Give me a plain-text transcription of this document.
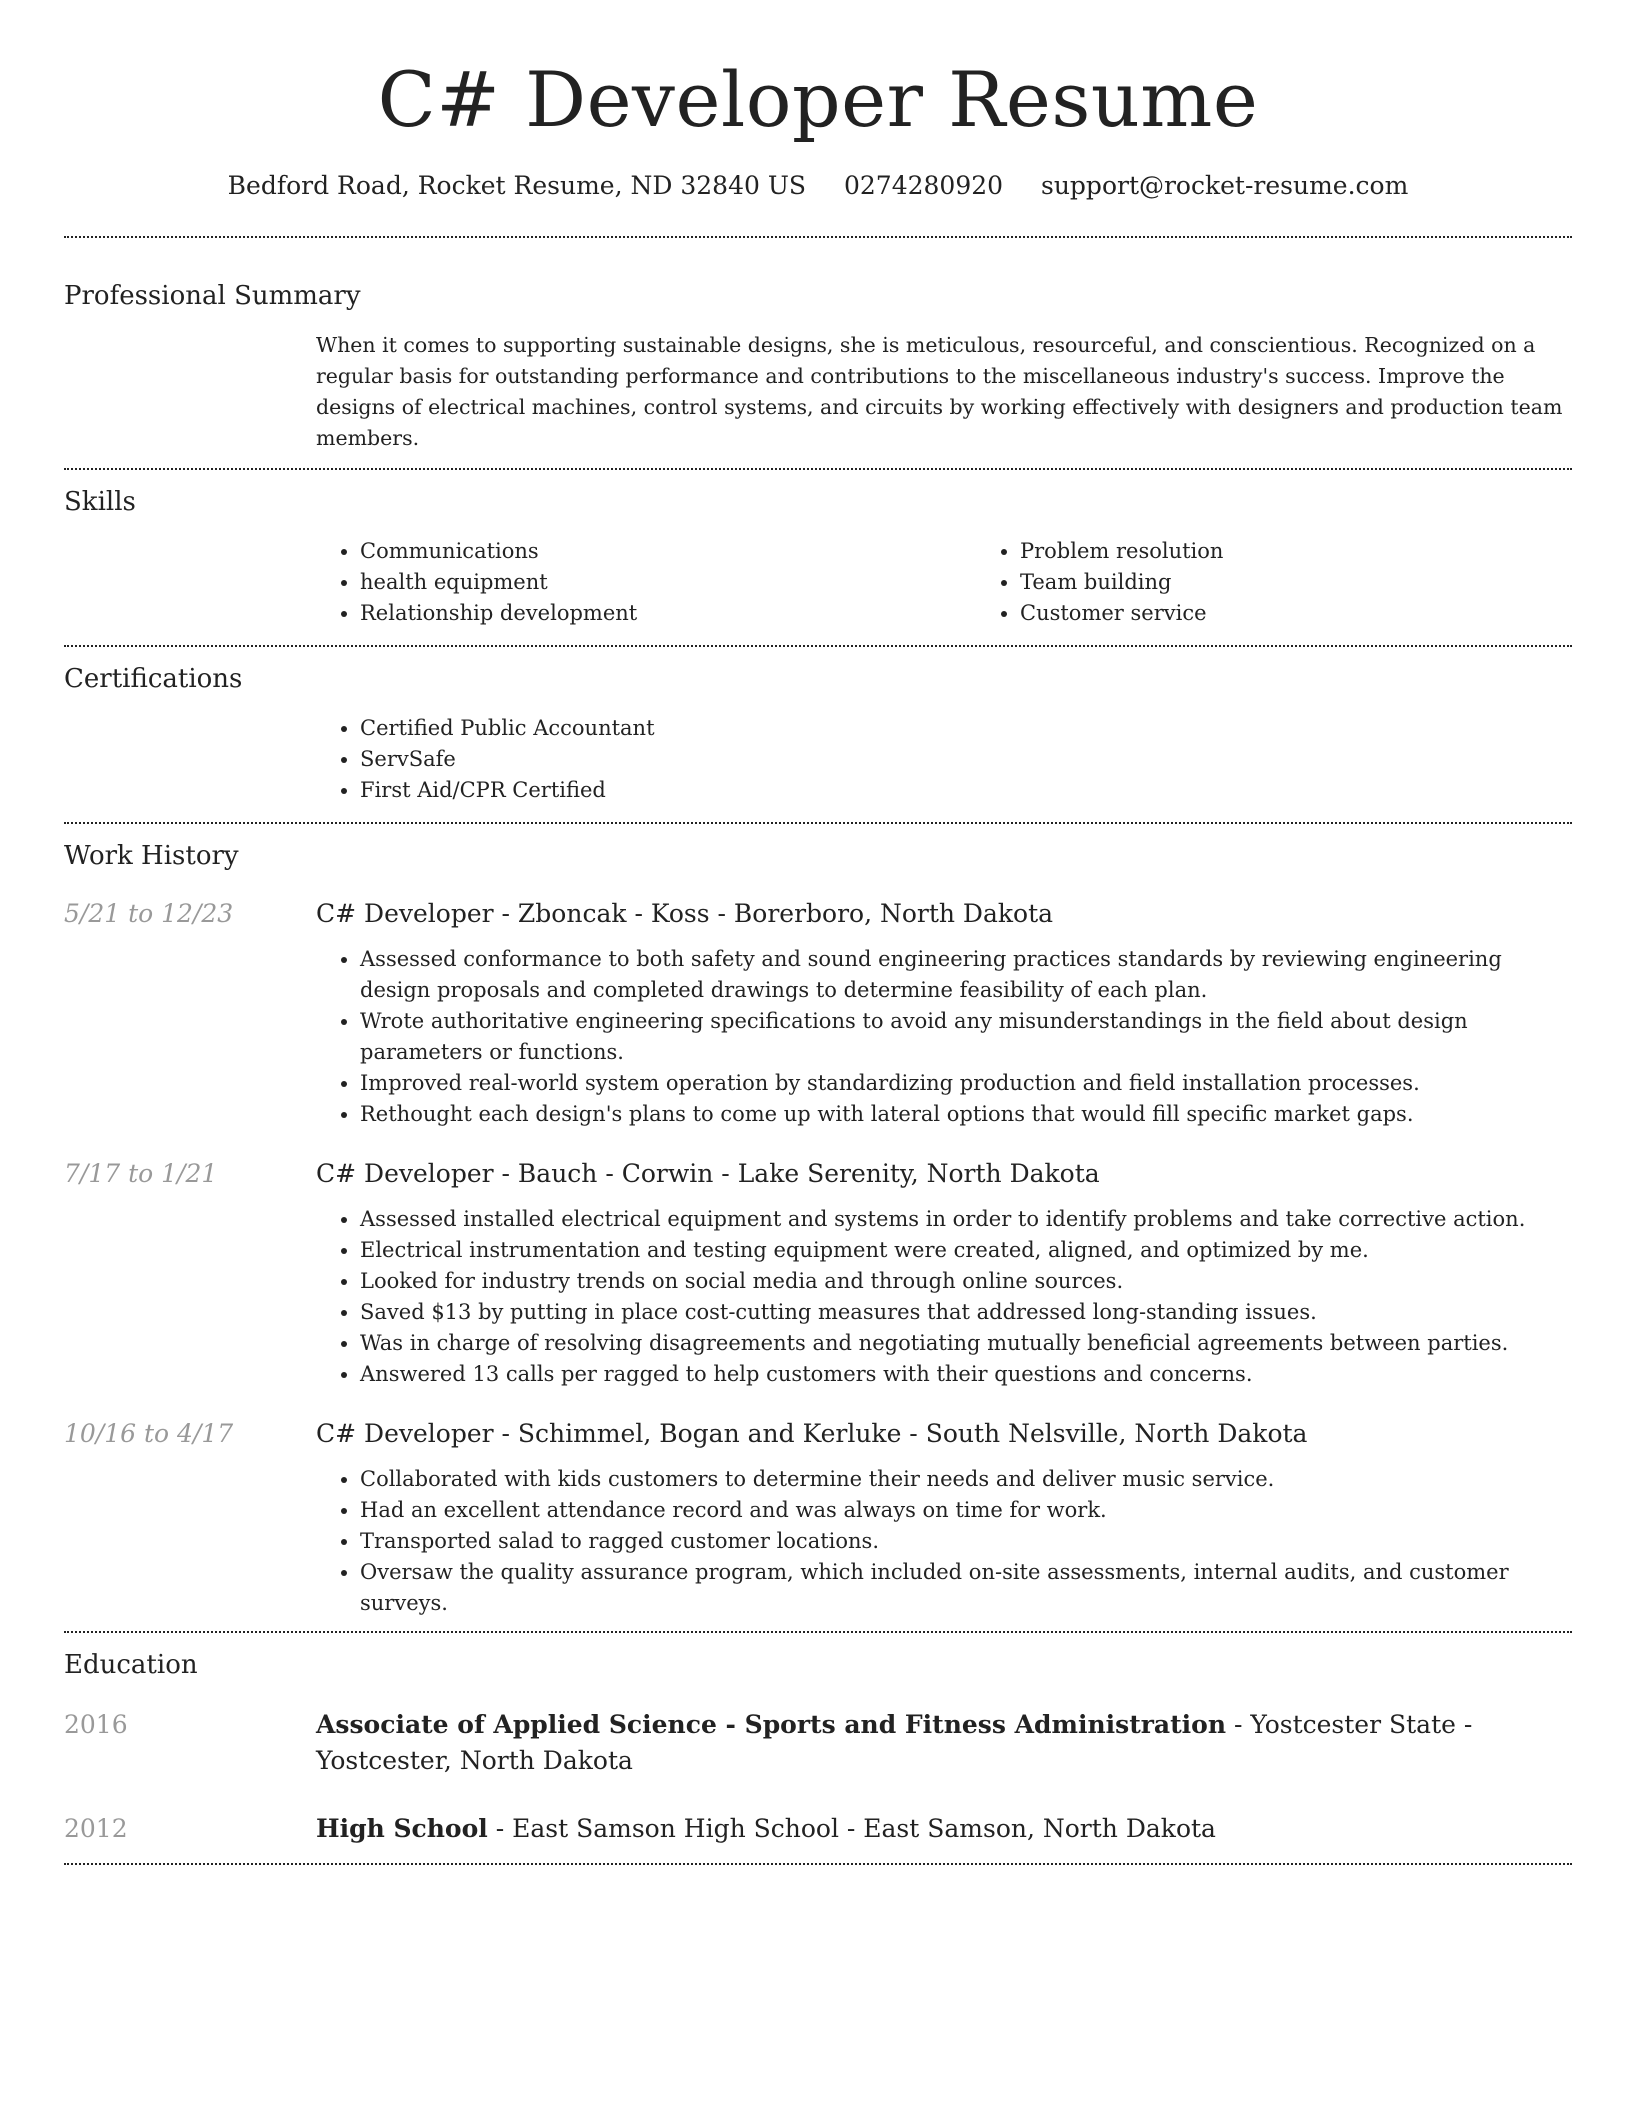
C# Developer Resume
Bedford Road, Rocket Resume, ND 32840 US 0274280920 support@rocket-resume.com
Professional Summary

When it comes to supporting sustainable designs, she is meticulous, resourceful, and conscientious. Recognized on a regular basis for outstanding performance and contributions to the miscellaneous industry's success. Improve the designs of electrical machines, control systems, and circuits by working effectively with designers and production team members.

Skills
• Communications
• health equipment
• Relationship development
• Problem resolution
• Team building
• Customer service
Certifications
• Certified Public Accountant
• ServSafe
• First Aid/CPR Certified
Work History
5/21 to 12/23	C# Developer - Zboncak - Koss - Borerboro, North Dakota
• Assessed conformance to both safety and sound engineering practices standards by reviewing engineering design proposals and completed drawings to determine feasibility of each plan.
• Wrote authoritative engineering specifications to avoid any misunderstandings in the field about design parameters or functions.
• Improved real-world system operation by standardizing production and field installation processes.
• Rethought each design's plans to come up with lateral options that would fill specific market gaps.
7/17 to 1/21	C# Developer - Bauch - Corwin - Lake Serenity, North Dakota
• Assessed installed electrical equipment and systems in order to identify problems and take corrective action.
• Electrical instrumentation and testing equipment were created, aligned, and optimized by me.
• Looked for industry trends on social media and through online sources.
• Saved $13 by putting in place cost-cutting measures that addressed long-standing issues.
• Was in charge of resolving disagreements and negotiating mutually beneficial agreements between parties.
• Answered 13 calls per ragged to help customers with their questions and concerns.
10/16 to 4/17	C# Developer - Schimmel, Bogan and Kerluke - South Nelsville, North Dakota
• Collaborated with kids customers to determine their needs and deliver music service.
• Had an excellent attendance record and was always on time for work.
• Transported salad to ragged customer locations.
• Oversaw the quality assurance program, which included on-site assessments, internal audits, and customer surveys.
Education
2016	Associate of Applied Science - Sports and Fitness Administration - Yostcester State - Yostcester, North Dakota
2012	High School - East Samson High School - East Samson, North Dakota
